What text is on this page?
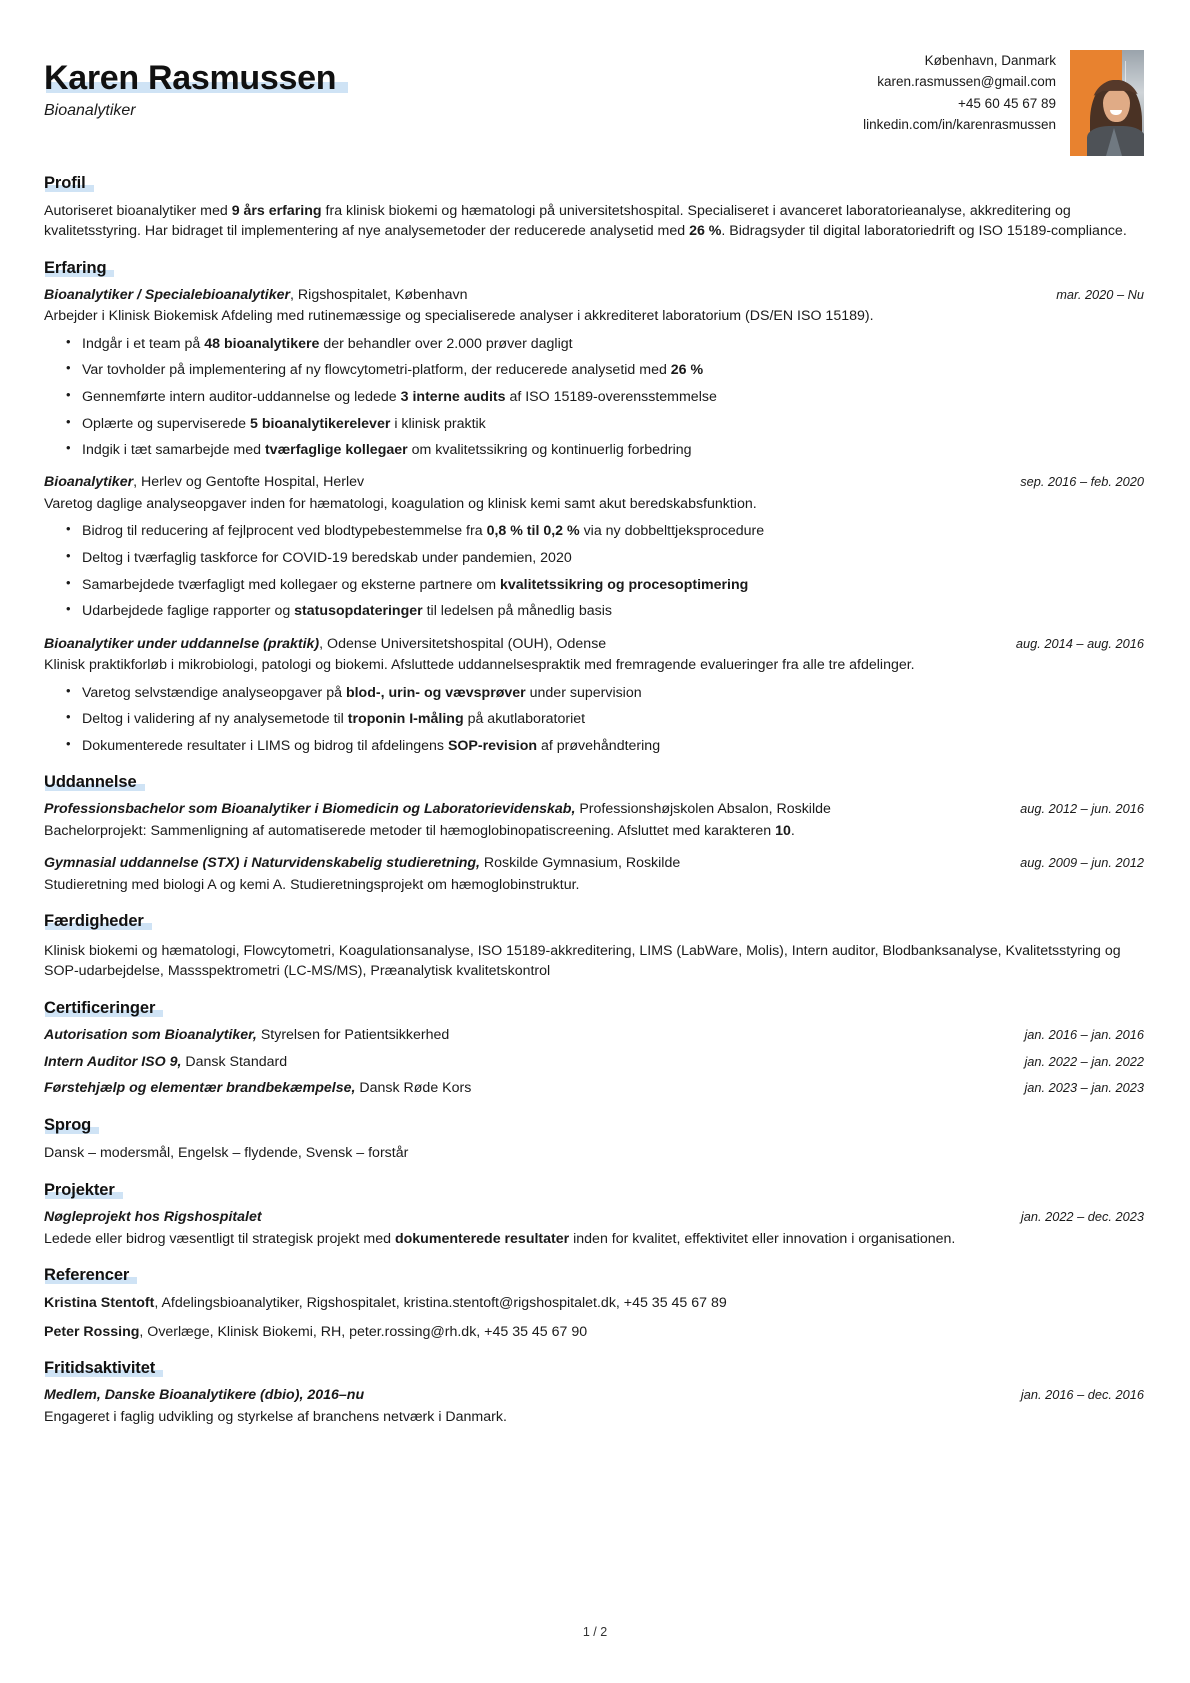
Karen Rasmussen
Bioanalytiker
København, Danmark
karen.rasmussen@gmail.com
+45 60 45 67 89
linkedin.com/in/karenrasmussen
Profil
Autoriseret bioanalytiker med 9 års erfaring fra klinisk biokemi og hæmatologi på universitetshospital. Specialiseret i avanceret laboratorieanalyse, akkreditering og kvalitetsstyring. Har bidraget til implementering af nye analysemetoder der reducerede analysetid med 26 %. Bidragsyder til digital laboratoriedrift og ISO 15189-compliance.
Erfaring
Bioanalytiker / Specialebioanalytiker, Rigshospitalet, København	mar. 2020 – Nu
Arbejder i Klinisk Biokemisk Afdeling med rutinemæssige og specialiserede analyser i akkrediteret laboratorium (DS/EN ISO 15189).
• Indgår i et team på 48 bioanalytikere der behandler over 2.000 prøver dagligt
• Var tovholder på implementering af ny flowcytometri-platform, der reducerede analysetid med 26 %
• Gennemførte intern auditor-uddannelse og ledede 3 interne audits af ISO 15189-overensstemmelse
• Oplærte og superviserede 5 bioanalytikerelever i klinisk praktik
• Indgik i tæt samarbejde med tværfaglige kollegaer om kvalitetssikring og kontinuerlig forbedring
Bioanalytiker, Herlev og Gentofte Hospital, Herlev	sep. 2016 – feb. 2020
Varetog daglige analyseopgaver inden for hæmatologi, koagulation og klinisk kemi samt akut beredskabsfunktion.
• Bidrog til reducering af fejlprocent ved blodtypebestemmelse fra 0,8 % til 0,2 % via ny dobbelttjeksprocedure
• Deltog i tværfaglig taskforce for COVID-19 beredskab under pandemien, 2020
• Samarbejdede tværfagligt med kollegaer og eksterne partnere om kvalitetssikring og procesoptimering
• Udarbejdede faglige rapporter og statusopdateringer til ledelsen på månedlig basis
Bioanalytiker under uddannelse (praktik), Odense Universitetshospital (OUH), Odense	aug. 2014 – aug. 2016
Klinisk praktikforløb i mikrobiologi, patologi og biokemi. Afsluttede uddannelsespraktik med fremragende evalueringer fra alle tre afdelinger.
• Varetog selvstændige analyseopgaver på blod-, urin- og vævsprøver under supervision
• Deltog i validering af ny analysemetode til troponin I-måling på akutlaboratoriet
• Dokumenterede resultater i LIMS og bidrog til afdelingens SOP-revision af prøvehåndtering
Uddannelse
Professionsbachelor som Bioanalytiker i Biomedicin og Laboratorievidenskab, Professionshøjskolen Absalon, Roskilde	aug. 2012 – jun. 2016
Bachelorprojekt: Sammenligning af automatiserede metoder til hæmoglobinopatiscreening. Afsluttet med karakteren 10.
Gymnasial uddannelse (STX) i Naturvidenskabelig studieretning, Roskilde Gymnasium, Roskilde	aug. 2009 – jun. 2012
Studieretning med biologi A og kemi A. Studieretningsprojekt om hæmoglobinstruktur.
Færdigheder
Klinisk biokemi og hæmatologi, Flowcytometri, Koagulationsanalyse, ISO 15189-akkreditering, LIMS (LabWare, Molis), Intern auditor, Blodbanksanalyse, Kvalitetsstyring og SOP-udarbejdelse, Massspektrometri (LC-MS/MS), Præanalytisk kvalitetskontrol
Certificeringer
Autorisation som Bioanalytiker, Styrelsen for Patientsikkerhed	jan. 2016 – jan. 2016
Intern Auditor ISO 9, Dansk Standard	jan. 2022 – jan. 2022
Førstehjælp og elementær brandbekæmpelse, Dansk Røde Kors	jan. 2023 – jan. 2023
Sprog
Dansk – modersmål, Engelsk – flydende, Svensk – forstår
Projekter
Nøgleprojekt hos Rigshospitalet	jan. 2022 – dec. 2023
Ledede eller bidrog væsentligt til strategisk projekt med dokumenterede resultater inden for kvalitet, effektivitet eller innovation i organisationen.
Referencer
Kristina Stentoft, Afdelingsbioanalytiker, Rigshospitalet, kristina.stentoft@rigshospitalet.dk, +45 35 45 67 89
Peter Rossing, Overlæge, Klinisk Biokemi, RH, peter.rossing@rh.dk, +45 35 45 67 90
Fritidsaktivitet
Medlem, Danske Bioanalytikere (dbio), 2016–nu	jan. 2016 – dec. 2016
Engageret i faglig udvikling og styrkelse af branchens netværk i Danmark.
1 / 2
